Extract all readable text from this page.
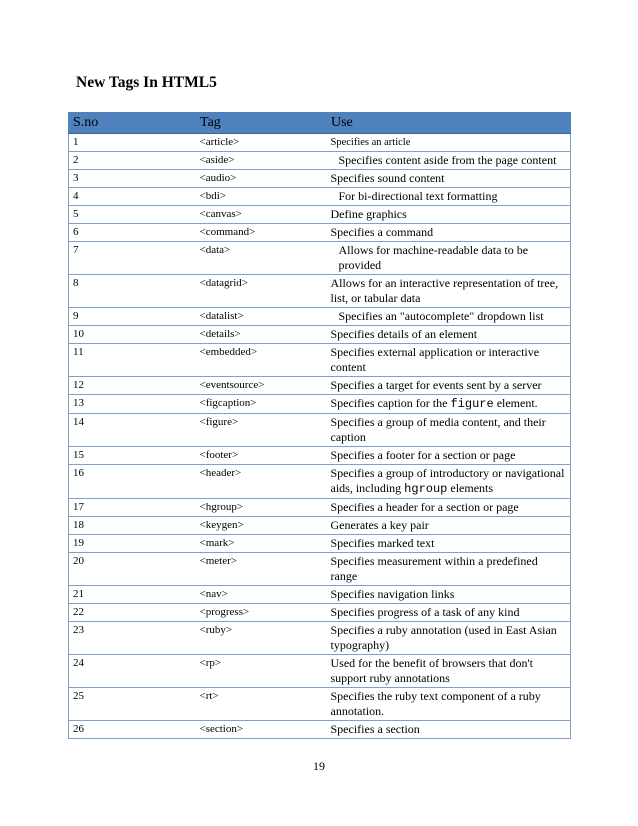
New Tags In HTML5
S.no	Tag	Use
1	<article>	Specifies an article
2	<aside>	Specifies content aside from the page content
3	<audio>	Specifies sound content
4	<bdi>	For bi-directional text formatting
5	<canvas>	Define graphics
6	<command>	Specifies a command
7	<data>	Allows for machine-readable data to be provided
8	<datagrid>	Allows for an interactive representation of tree, list, or tabular data
9	<datalist>	Specifies an "autocomplete" dropdown list
10	<details>	Specifies details of an element
11	<embedded>	Specifies external application or interactive content
12	<eventsource>	Specifies a target for events sent by a server
13	<figcaption>	Specifies caption for the figure element.
14	<figure>	Specifies a group of media content, and their caption
15	<footer>	Specifies a footer for a section or page
16	<header>	Specifies a group of introductory or navigational aids, including hgroup elements
17	<hgroup>	Specifies a header for a section or page
18	<keygen>	Generates a key pair
19	<mark>	Specifies marked text
20	<meter>	Specifies measurement within a predefined range
21	<nav>	Specifies navigation links
22	<progress>	Specifies progress of a task of any kind
23	<ruby>	Specifies a ruby annotation (used in East Asian typography)
24	<rp>	Used for the benefit of browsers that don't support ruby annotations
25	<rt>	Specifies the ruby text component of a ruby annotation.
26	<section>	Specifies a section
19
